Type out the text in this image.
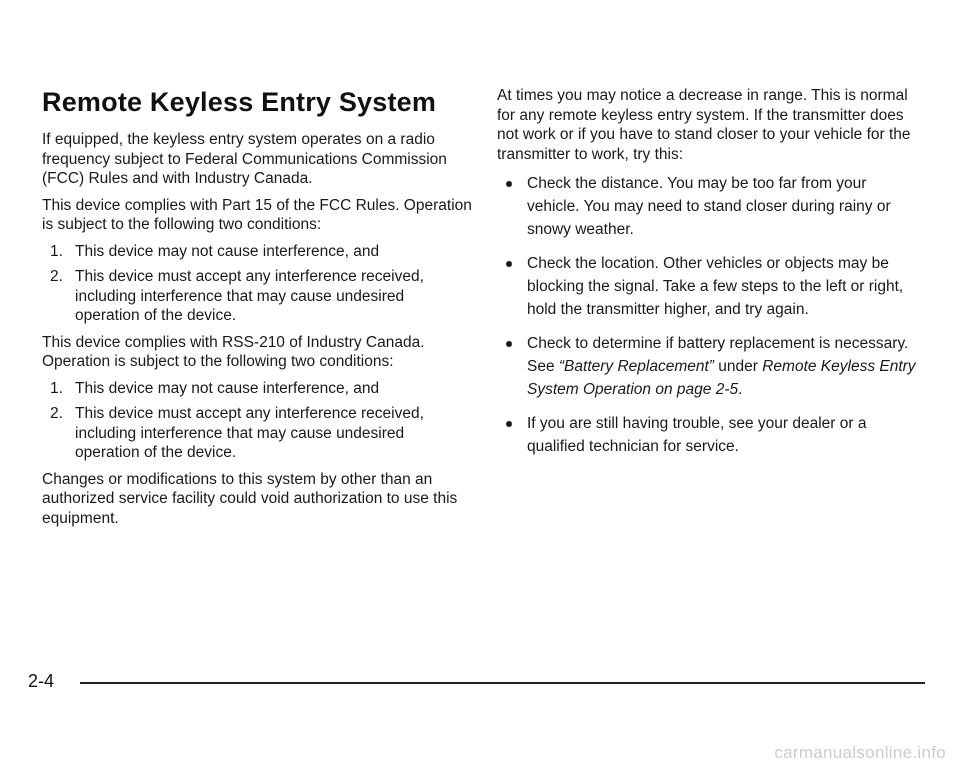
Remote Keyless Entry System

If equipped, the keyless entry system operates on a radio frequency subject to Federal Communications Commission (FCC) Rules and with Industry Canada.

This device complies with Part 15 of the FCC Rules. Operation is subject to the following two conditions:

1. This device may not cause interference, and
2. This device must accept any interference received, including interference that may cause undesired operation of the device.

This device complies with RSS-210 of Industry Canada. Operation is subject to the following two conditions:

1. This device may not cause interference, and
2. This device must accept any interference received, including interference that may cause undesired operation of the device.

Changes or modifications to this system by other than an authorized service facility could void authorization to use this equipment.

At times you may notice a decrease in range. This is normal for any remote keyless entry system. If the transmitter does not work or if you have to stand closer to your vehicle for the transmitter to work, try this:

Check the distance. You may be too far from your vehicle. You may need to stand closer during rainy or snowy weather.
Check the location. Other vehicles or objects may be blocking the signal. Take a few steps to the left or right, hold the transmitter higher, and try again.
Check to determine if battery replacement is necessary. See “Battery Replacement” under Remote Keyless Entry System Operation on page 2-5.
If you are still having trouble, see your dealer or a qualified technician for service.
2-4
carmanualsonline.info
